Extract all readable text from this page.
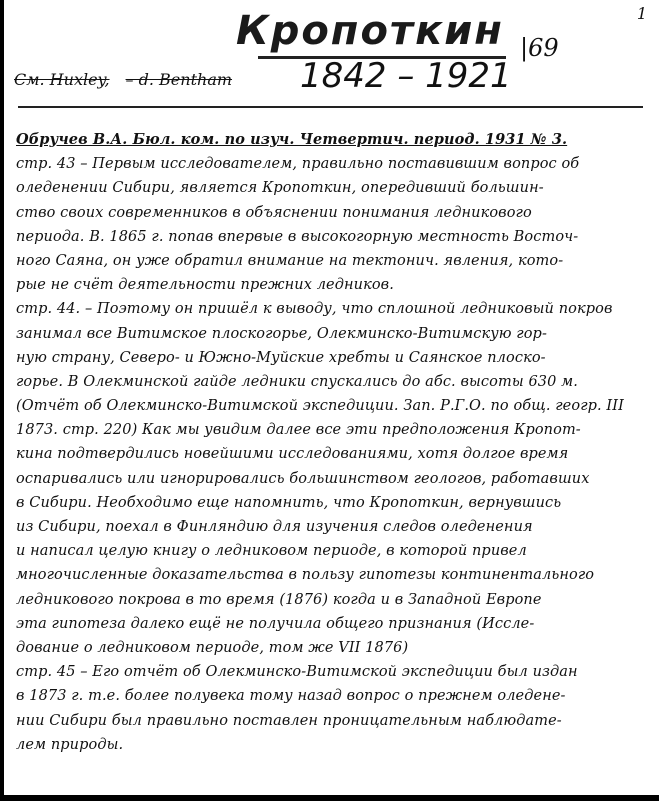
1
Кропоткин
См. Huxley, – d. Bentham 1842 – 1921
|69
Обручев В.А. Бюл. ком. по изуч. Четвертич. период. 1931 № 3.
стр. 43 – Первым исследователем, правильно поставившим вопрос об
оледенении Сибири, является Кропоткин, опередивший большин-
ство своих современников в объяснении понимания ледникового
периода. В. 1865 г. попав впервые в высокогорную местность Восточ-
ного Саяна, он уже обратил внимание на тектонич. явления, кото-
рые не счёт деятельности прежних ледников.
стр. 44. – Поэтому он пришёл к выводу, что сплошной ледниковый покров
занимал все Витимское плоскогорье, Олекминско-Витимскую гор-
ную страну, Северо- и Южно-Муйские хребты и Саянское плоско-
горье. В Олекминской гайде ледники спускались до абс. высоты 630 м.
(Отчёт об Олекминско-Витимской экспедиции. Зап. Р.Г.О. по общ. геогр. III
1873. стр. 220) Как мы увидим далее все эти предположения Кропот-
кина подтвердились новейшими исследованиями, хотя долгое время
оспаривались или игнорировались большинством геологов, работавших
в Сибири. Необходимо еще напомнить, что Кропоткин, вернувшись
из Сибири, поехал в Финляндию для изучения следов оледенения
и написал целую книгу о ледниковом периоде, в которой привел
многочисленные доказательства в пользу гипотезы континентального
ледникового покрова в то время (1876) когда и в Западной Европе
эта гипотеза далеко ещё не получила общего признания (Иссле-
дование о ледниковом периоде, том же VII 1876)
стр. 45 – Его отчёт об Олекминско-Витимской экспедиции был издан
в 1873 г. т.е. более полувека тому назад вопрос о прежнем оледене-
нии Сибири был правильно поставлен проницательным наблюдате-
лем природы.
